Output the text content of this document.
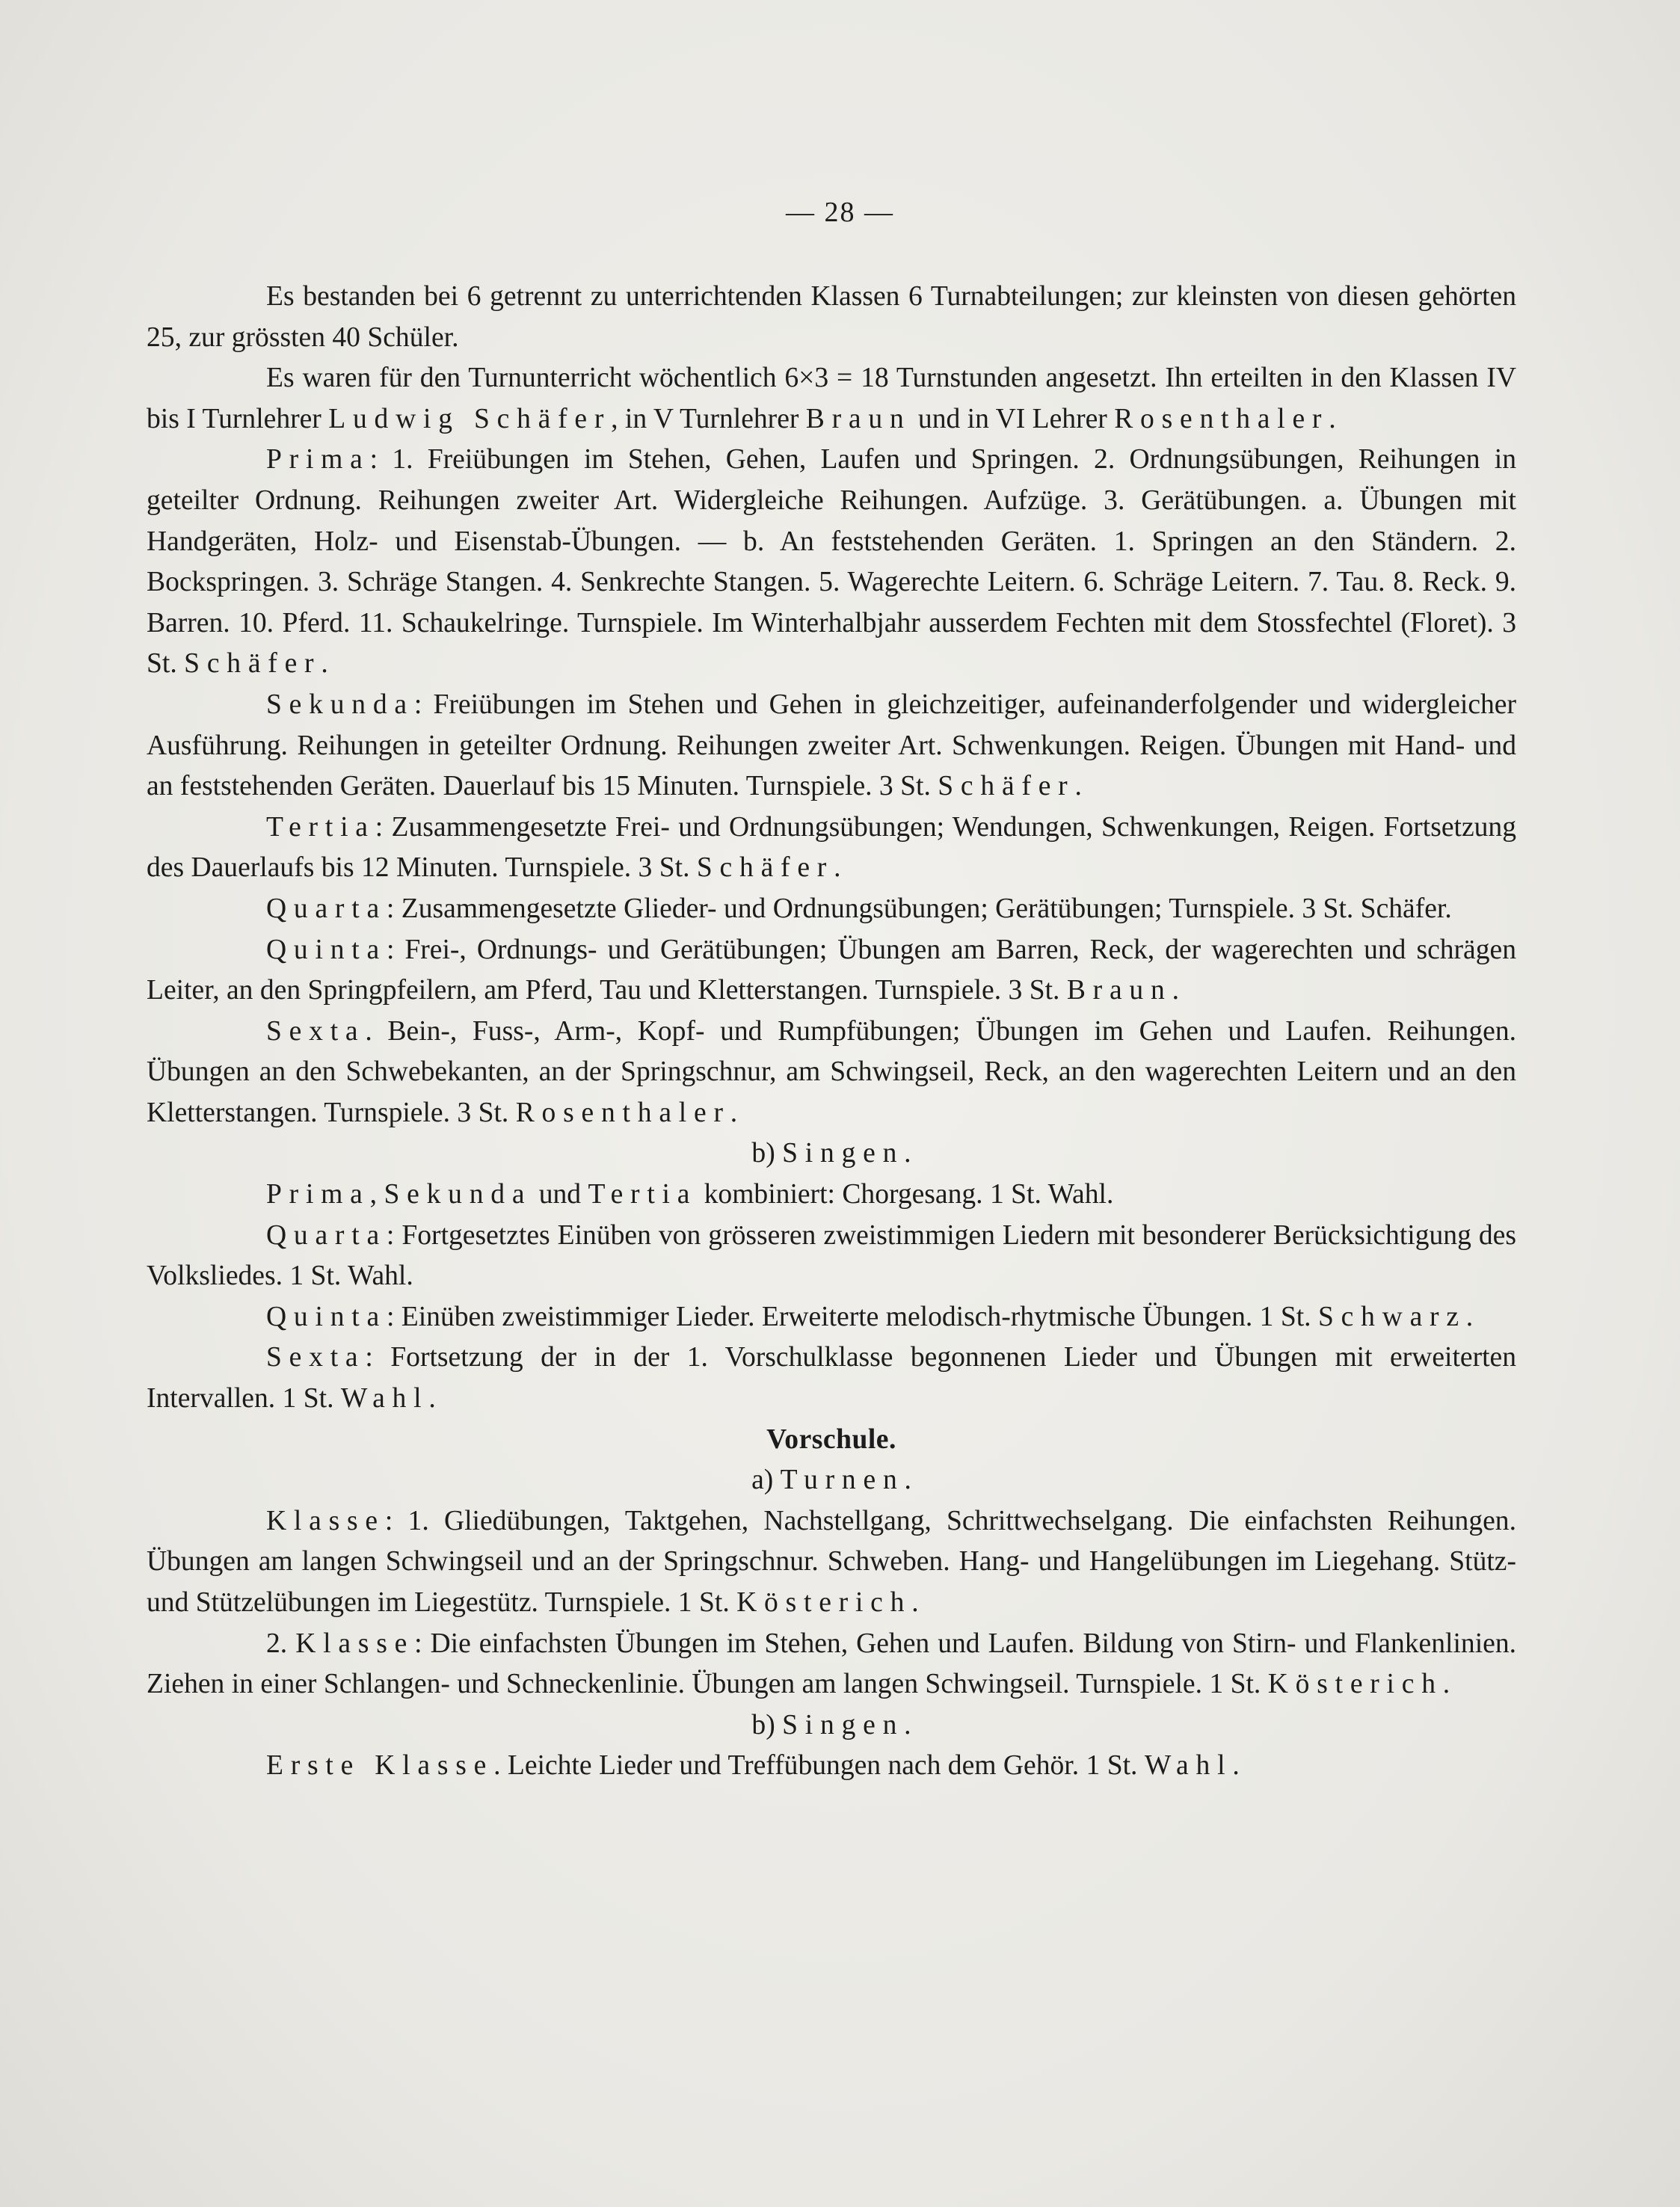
— 28 —

Es bestanden bei 6 getrennt zu unterrichtenden Klassen 6 Turnabteilungen; zur kleinsten von diesen gehörten 25, zur grössten 40 Schüler.

Es waren für den Turnunterricht wöchentlich 6×3 = 18 Turnstunden angesetzt. Ihn erteilten in den Klassen IV bis I Turnlehrer Ludwig Schäfer, in V Turnlehrer Braun und in VI Lehrer Rosenthaler.

Prima: 1. Freiübungen im Stehen, Gehen, Laufen und Springen. 2. Ordnungsübungen, Reihungen in geteilter Ordnung. Reihungen zweiter Art. Widergleiche Reihungen. Aufzüge. 3. Gerätübungen. a. Übungen mit Handgeräten, Holz- und Eisenstab-Übungen. — b. An feststehenden Geräten. 1. Springen an den Ständern. 2. Bockspringen. 3. Schräge Stangen. 4. Senkrechte Stangen. 5. Wagerechte Leitern. 6. Schräge Leitern. 7. Tau. 8. Reck. 9. Barren. 10. Pferd. 11. Schaukelringe. Turnspiele. Im Winterhalbjahr ausserdem Fechten mit dem Stossfechtel (Floret). 3 St. Schäfer.

Sekunda: Freiübungen im Stehen und Gehen in gleichzeitiger, aufeinanderfolgender und widergleicher Ausführung. Reihungen in geteilter Ordnung. Reihungen zweiter Art. Schwenkungen. Reigen. Übungen mit Hand- und an feststehenden Geräten. Dauerlauf bis 15 Minuten. Turnspiele. 3 St. Schäfer.

Tertia: Zusammengesetzte Frei- und Ordnungsübungen; Wendungen, Schwenkungen, Reigen. Fortsetzung des Dauerlaufs bis 12 Minuten. Turnspiele. 3 St. Schäfer.

Quarta: Zusammengesetzte Glieder- und Ordnungsübungen; Gerätübungen; Turnspiele. 3 St. Schäfer.

Quinta: Frei-, Ordnungs- und Gerätübungen; Übungen am Barren, Reck, der wagerechten und schrägen Leiter, an den Springpfeilern, am Pferd, Tau und Kletterstangen. Turnspiele. 3 St. Braun.

Sexta. Bein-, Fuss-, Arm-, Kopf- und Rumpfübungen; Übungen im Gehen und Laufen. Reihungen. Übungen an den Schwebekanten, an der Springschnur, am Schwingseil, Reck, an den wagerechten Leitern und an den Kletterstangen. Turnspiele. 3 St. Rosenthaler.

b) Singen.

Prima, Sekunda und Tertia kombiniert: Chorgesang. 1 St. Wahl.

Quarta: Fortgesetztes Einüben von grösseren zweistimmigen Liedern mit besonderer Berücksichtigung des Volksliedes. 1 St. Wahl.

Quinta: Einüben zweistimmiger Lieder. Erweiterte melodisch-rhytmische Übungen. 1 St. Schwarz.

Sexta: Fortsetzung der in der 1. Vorschulklasse begonnenen Lieder und Übungen mit erweiterten Intervallen. 1 St. Wahl.

Vorschule.
a) Turnen.

Klasse: 1. Gliedübungen, Taktgehen, Nachstellgang, Schrittwechselgang. Die einfachsten Reihungen. Übungen am langen Schwingseil und an der Springschnur. Schweben. Hang- und Hangelübungen im Liegehang. Stütz- und Stützelübungen im Liegestütz. Turnspiele. 1 St. Kösterich.

2. Klasse: Die einfachsten Übungen im Stehen, Gehen und Laufen. Bildung von Stirn- und Flankenlinien. Ziehen in einer Schlangen- und Schneckenlinie. Übungen am langen Schwingseil. Turnspiele. 1 St. Kösterich.

b) Singen.

Erste Klasse. Leichte Lieder und Treffübungen nach dem Gehör. 1 St. Wahl.
